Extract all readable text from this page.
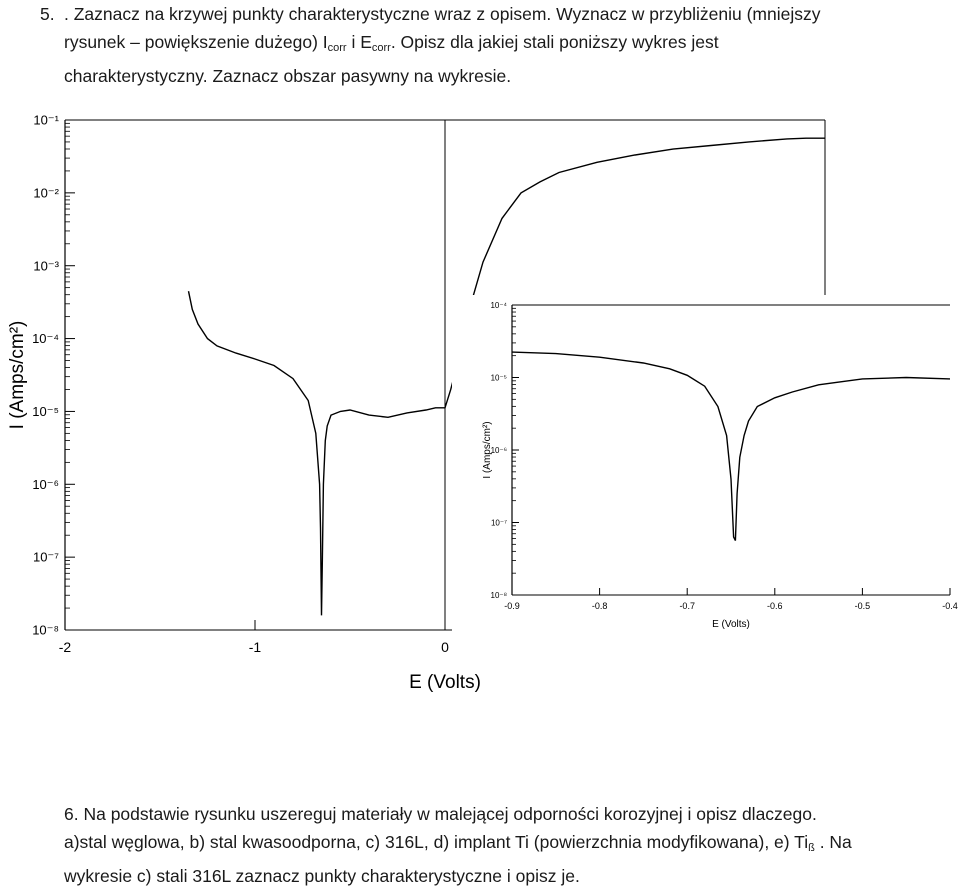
5. . Zaznacz na krzywej punkty charakterystyczne wraz z opisem. Wyznacz w przybliżeniu (mniejszy
rysunek – powiększenie dużego) $I_{corr}$ i $E_{corr}$. Opisz dla jakiej stali poniższy wykres jest
charakterystyczny. Zaznacz obszar pasywny na wykresie.

10⁻⁸
10⁻⁷
10⁻⁶
10⁻⁵
10⁻⁴
10⁻³
10⁻²
10⁻¹
-2	-1	0
E (Volts)
I (Amps/cm²)
10⁻⁸
10⁻⁷
10⁻⁶
10⁻⁵
10⁻⁴
-0.9	-0.8	-0.7	-0.6	-0.5	-0.4
E (Volts)
I (Amps/cm²)

6. Na podstawie rysunku uszereguj materiały w malejącej odporności korozyjnej i opisz dlaczego.
a)stal węglowa, b) stal kwasoodporna, c) 316L, d) implant Ti (powierzchnia modyfikowana), e) $Ti_ß$ . Na
wykresie c) stali 316L zaznacz punkty charakterystyczne i opisz je.
